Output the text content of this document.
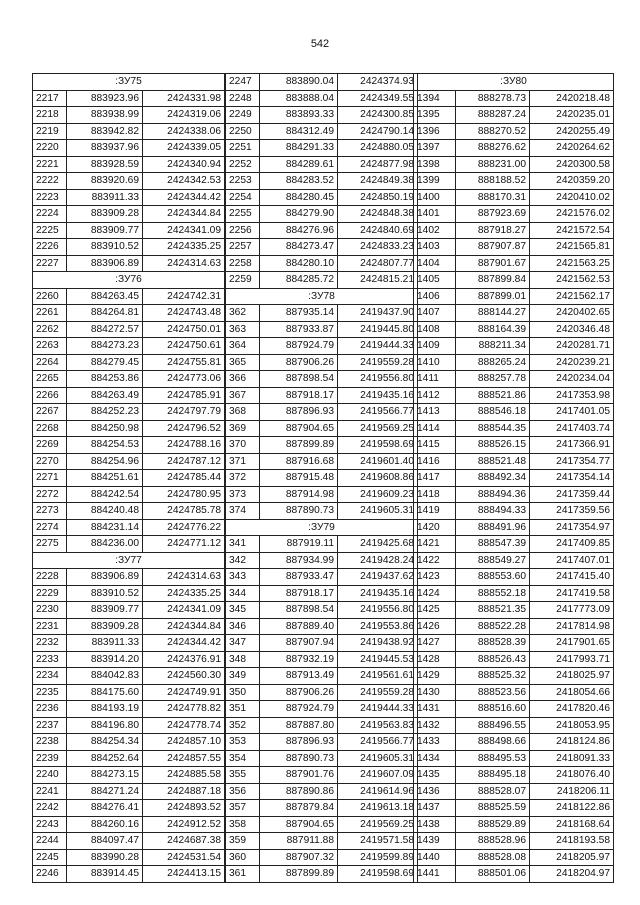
542
:ЗУ75		
2217	883923.96	2424331.98
2218	883938.99	2424319.06
2219	883942.82	2424338.06
2220	883937.96	2424339.05
2221	883928.59	2424340.94
2222	883920.69	2424342.53
2223	883911.33	2424344.42
2224	883909.28	2424344.84
2225	883909.77	2424341.09
2226	883910.52	2424335.25
2227	883906.89	2424314.63
:ЗУ76		
2260	884263.45	2424742.31
2261	884264.81	2424743.48
2262	884272.57	2424750.01
2263	884273.23	2424750.61
2264	884279.45	2424755.81
2265	884253.86	2424773.06
2266	884263.49	2424785.91
2267	884252.23	2424797.79
2268	884250.98	2424796.52
2269	884254.53	2424788.16
2270	884254.96	2424787.12
2271	884251.61	2424785.44
2272	884242.54	2424780.95
2273	884240.48	2424785.78
2274	884231.14	2424776.22
2275	884236.00	2424771.12
:ЗУ77		
2228	883906.89	2424314.63
2229	883910.52	2424335.25
2230	883909.77	2424341.09
2231	883909.28	2424344.84
2232	883911.33	2424344.42
2233	883914.20	2424376.91
2234	884042.83	2424560.30
2235	884175.60	2424749.91
2236	884193.19	2424778.82
2237	884196.80	2424778.74
2238	884254.34	2424857.10
2239	884252.64	2424857.55
2240	884273.15	2424885.58
2241	884271.24	2424887.18
2242	884276.41	2424893.52
2243	884260.16	2424912.52
2244	884097.47	2424687.38
2245	883990.28	2424531.54
2246	883914.45	2424413.15
2247	883890.04	2424374.93
2248	883888.04	2424349.55
2249	883893.33	2424300.85
2250	884312.49	2424790.14
2251	884291.33	2424880.05
2252	884289.61	2424877.98
2253	884283.52	2424849.38
2254	884280.45	2424850.19
2255	884279.90	2424848.38
2256	884276.96	2424840.69
2257	884273.47	2424833.23
2258	884280.10	2424807.77
2259	884285.72	2424815.21
:ЗУ78		
362	887935.14	2419437.90
363	887933.87	2419445.80
364	887924.79	2419444.33
365	887906.26	2419559.28
366	887898.54	2419556.80
367	887918.17	2419435.16
368	887896.93	2419566.77
369	887904.65	2419569.25
370	887899.89	2419598.69
371	887916.68	2419601.40
372	887915.48	2419608.86
373	887914.98	2419609.23
374	887890.73	2419605.31
:ЗУ79		
341	887919.11	2419425.68
342	887934.99	2419428.24
343	887933.47	2419437.62
344	887918.17	2419435.16
345	887898.54	2419556.80
346	887889.40	2419553.86
347	887907.94	2419438.92
348	887932.19	2419445.53
349	887913.49	2419561.61
350	887906.26	2419559.28
351	887924.79	2419444.33
352	887887.80	2419563.83
353	887896.93	2419566.77
354	887890.73	2419605.31
355	887901.76	2419607.09
356	887890.86	2419614.96
357	887879.84	2419613.18
358	887904.65	2419569.25
359	887911.88	2419571.58
360	887907.32	2419599.89
361	887899.89	2419598.69
:ЗУ80		
1394	888278.73	2420218.48
1395	888287.24	2420235.01
1396	888270.52	2420255.49
1397	888276.62	2420264.62
1398	888231.00	2420300.58
1399	888188.52	2420359.20
1400	888170.31	2420410.02
1401	887923.69	2421576.02
1402	887918.27	2421572.54
1403	887907.87	2421565.81
1404	887901.67	2421563.25
1405	887899.84	2421562.53
1406	887899.01	2421562.17
1407	888144.27	2420402.65
1408	888164.39	2420346.48
1409	888211.34	2420281.71
1410	888265.24	2420239.21
1411	888257.78	2420234.04
1412	888521.86	2417353.98
1413	888546.18	2417401.05
1414	888544.35	2417403.74
1415	888526.15	2417366.91
1416	888521.48	2417354.77
1417	888492.34	2417354.14
1418	888494.36	2417359.44
1419	888494.33	2417359.56
1420	888491.96	2417354.97
1421	888547.39	2417409.85
1422	888549.27	2417407.01
1423	888553.60	2417415.40
1424	888552.18	2417419.58
1425	888521.35	2417773.09
1426	888522.28	2417814.98
1427	888528.39	2417901.65
1428	888526.43	2417993.71
1429	888525.32	2418025.97
1430	888523.56	2418054.66
1431	888516.60	2417820.46
1432	888496.55	2418053.95
1433	888498.66	2418124.86
1434	888495.53	2418091.33
1435	888495.18	2418076.40
1436	888528.07	2418206.11
1437	888525.59	2418122.86
1438	888529.89	2418168.64
1439	888528.96	2418193.58
1440	888528.08	2418205.97
1441	888501.06	2418204.97
